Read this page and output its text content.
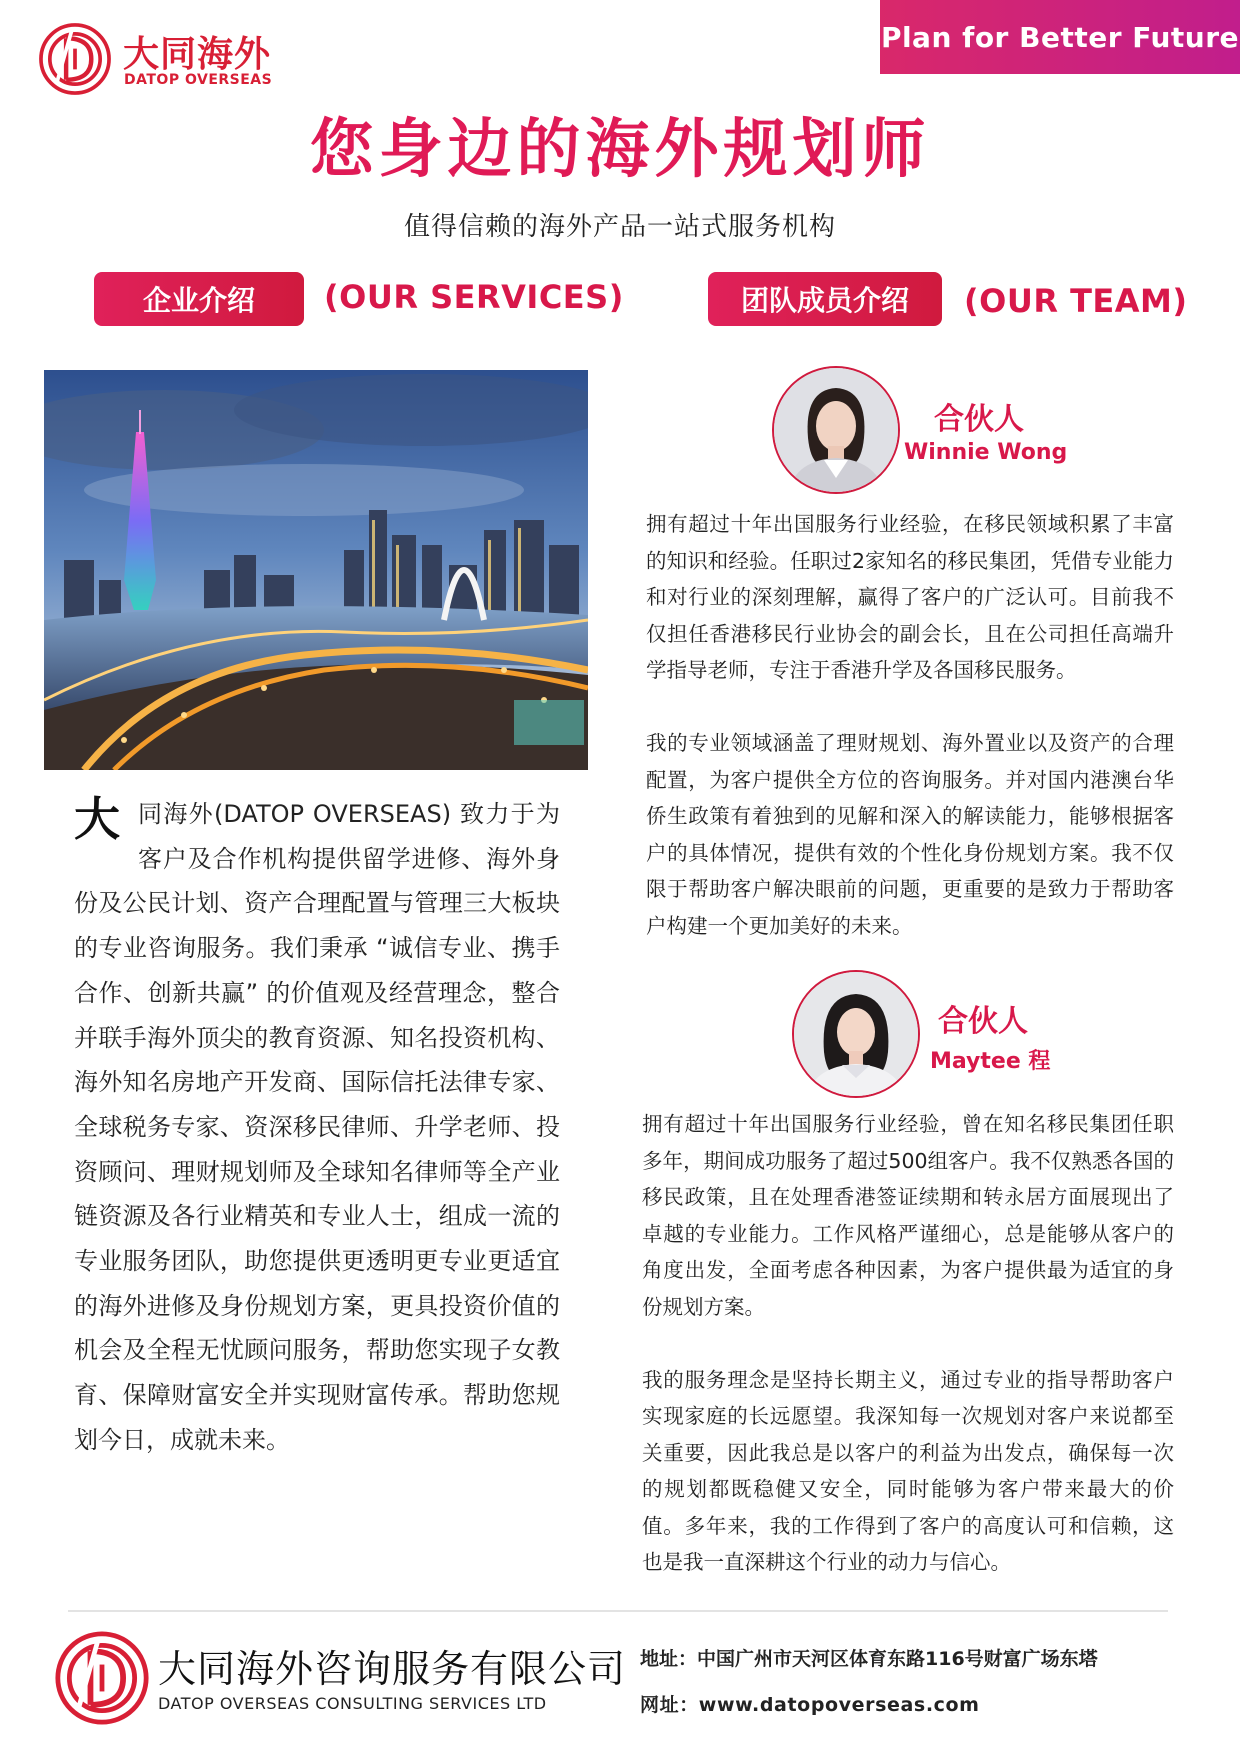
大同海外
DATOP OVERSEAS
Plan for Better Future
您身边的海外规划师
值得信赖的海外产品一站式服务机构
企业介绍	(OUR SERVICES)	团队成员介绍	(OUR TEAM)
大同海外(DATOP OVERSEAS) 致力于为客户及合作机构提供留学进修、海外身份及公民计划、资产合理配置与管理三大板块的专业咨询服务。我们秉承 “诚信专业、携手合作、创新共赢” 的价值观及经营理念，整合并联手海外顶尖的教育资源、知名投资机构、海外知名房地产开发商、国际信托法律专家、全球税务专家、资深移民律师、升学老师、投资顾问、理财规划师及全球知名律师等全产业链资源及各行业精英和专业人士，组成一流的专业服务团队，助您提供更透明更专业更适宜的海外进修及身份规划方案，更具投资价值的机会及全程无忧顾问服务，帮助您实现子女教育、保障财富安全并实现财富传承。帮助您规划今日，成就未来。
合伙人
Winnie Wong

拥有超过十年出国服务行业经验，在移民领域积累了丰富的知识和经验。任职过2家知名的移民集团，凭借专业能力和对行业的深刻理解，赢得了客户的广泛认可。目前我不仅担任香港移民行业协会的副会长，且在公司担任高端升学指导老师，专注于香港升学及各国移民服务。

我的专业领域涵盖了理财规划、海外置业以及资产的合理配置，为客户提供全方位的咨询服务。并对国内港澳台华侨生政策有着独到的见解和深入的解读能力，能够根据客户的具体情况，提供有效的个性化身份规划方案。我不仅限于帮助客户解决眼前的问题，更重要的是致力于帮助客户构建一个更加美好的未来。

合伙人
Maytee 程

拥有超过十年出国服务行业经验，曾在知名移民集团任职多年，期间成功服务了超过500组客户。我不仅熟悉各国的移民政策，且在处理香港签证续期和转永居方面展现出了卓越的专业能力。工作风格严谨细心，总是能够从客户的角度出发，全面考虑各种因素，为客户提供最为适宜的身份规划方案。

我的服务理念是坚持长期主义，通过专业的指导帮助客户实现家庭的长远愿望。我深知每一次规划对客户来说都至关重要，因此我总是以客户的利益为出发点，确保每一次的规划都既稳健又安全，同时能够为客户带来最大的价值。多年来，我的工作得到了客户的高度认可和信赖，这也是我一直深耕这个行业的动力与信心。

大同海外咨询服务有限公司
DATOP OVERSEAS CONSULTING SERVICES LTD
地址：中国广州市天河区体育东路116号财富广场东塔
网址：www.datopoverseas.com
